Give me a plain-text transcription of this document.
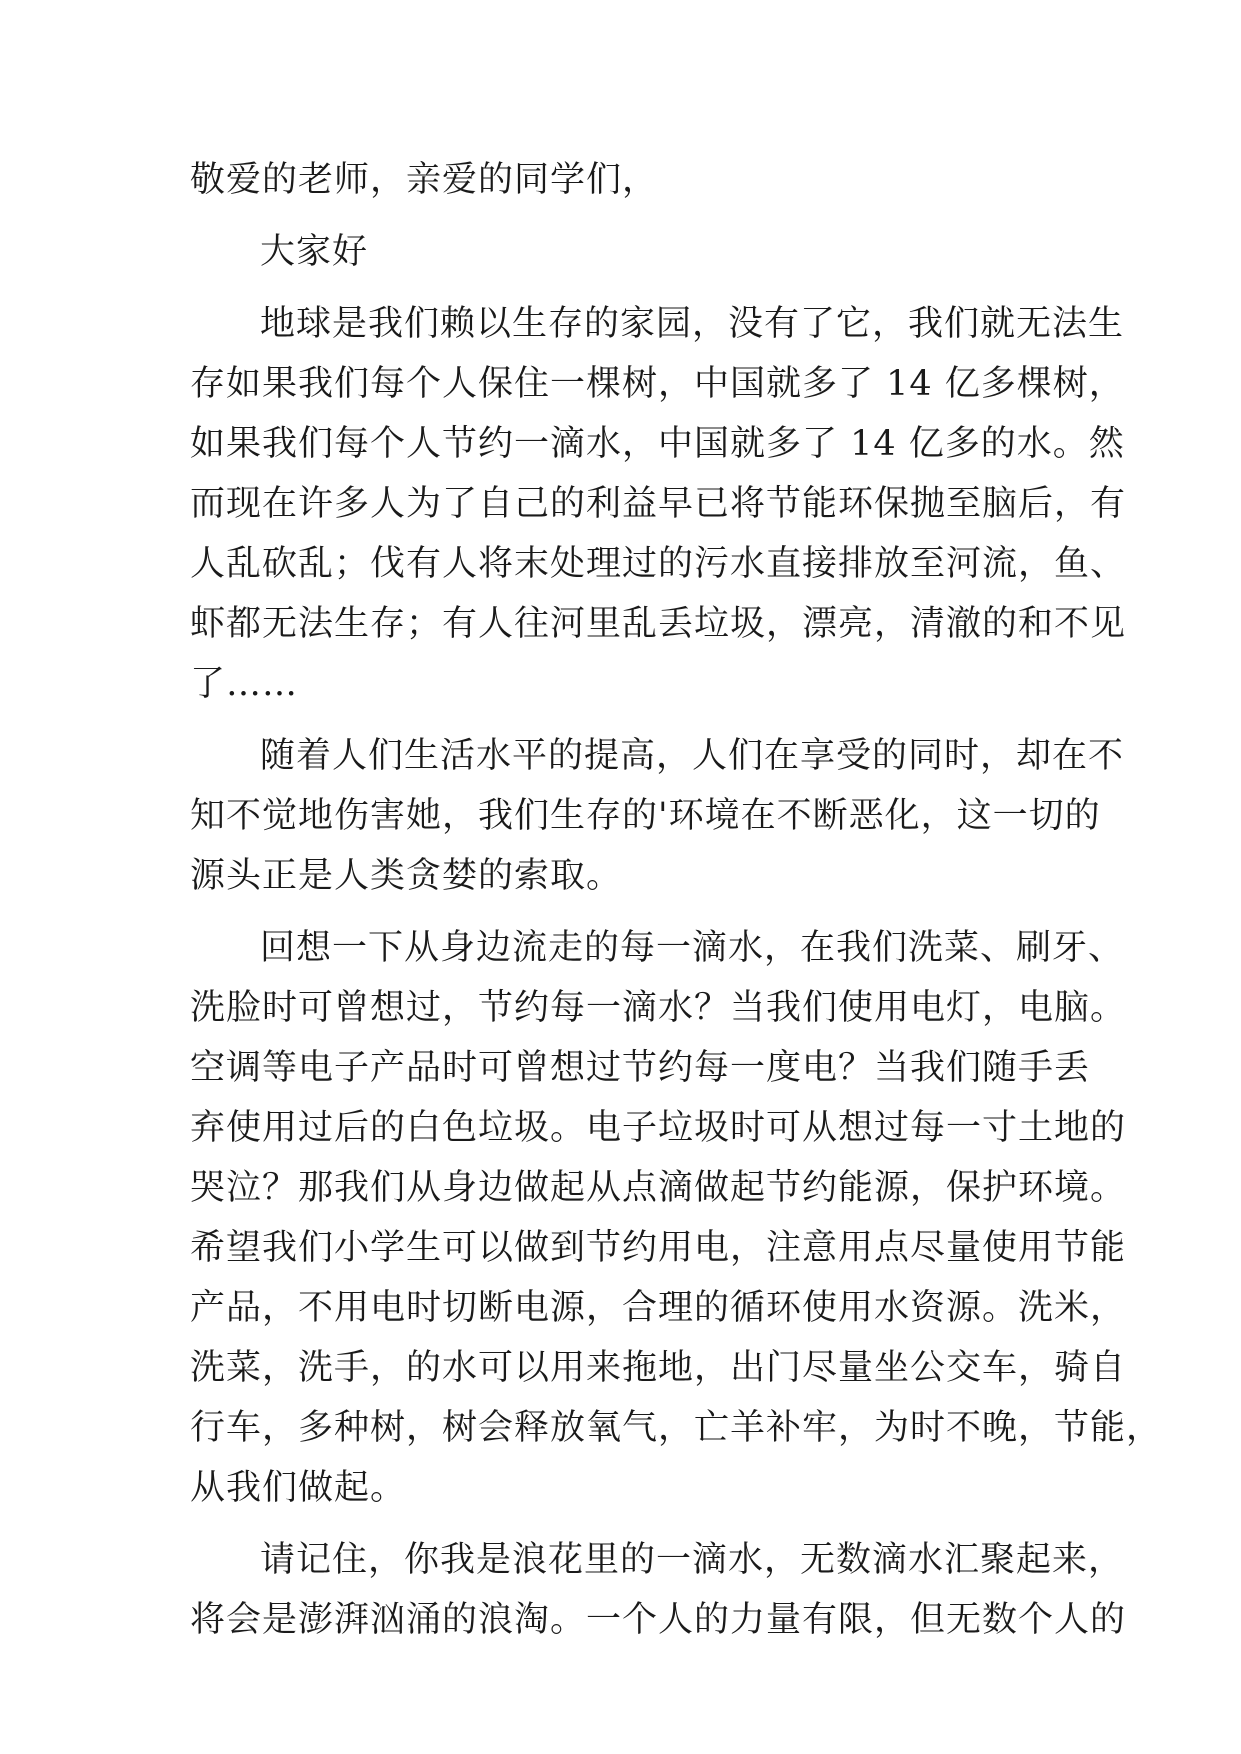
敬爱的老师，亲爱的同学们，
大家好
地球是我们赖以生存的家园，没有了它，我们就无法生
存如果我们每个人保住一棵树，中国就多了 14 亿多棵树，
如果我们每个人节约一滴水，中国就多了 14 亿多的水。然
而现在许多人为了自己的利益早已将节能环保抛至脑后，有
人乱砍乱；伐有人将末处理过的污水直接排放至河流，鱼、
虾都无法生存；有人往河里乱丢垃圾，漂亮，清澈的和不见
了……
随着人们生活水平的提高，人们在享受的同时，却在不
知不觉地伤害她，我们生存的'环境在不断恶化，这一切的
源头正是人类贪婪的索取。
回想一下从身边流走的每一滴水，在我们洗菜、刷牙、
洗脸时可曾想过，节约每一滴水？当我们使用电灯，电脑。
空调等电子产品时可曾想过节约每一度电？当我们随手丢
弃使用过后的白色垃圾。电子垃圾时可从想过每一寸土地的
哭泣？那我们从身边做起从点滴做起节约能源，保护环境。
希望我们小学生可以做到节约用电，注意用点尽量使用节能
产品，不用电时切断电源，合理的循环使用水资源。洗米，
洗菜，洗手，的水可以用来拖地，出门尽量坐公交车，骑自
行车，多种树，树会释放氧气，亡羊补牢，为时不晚，节能，
从我们做起。
请记住，你我是浪花里的一滴水，无数滴水汇聚起来，
将会是澎湃汹涌的浪淘。一个人的力量有限，但无数个人的
